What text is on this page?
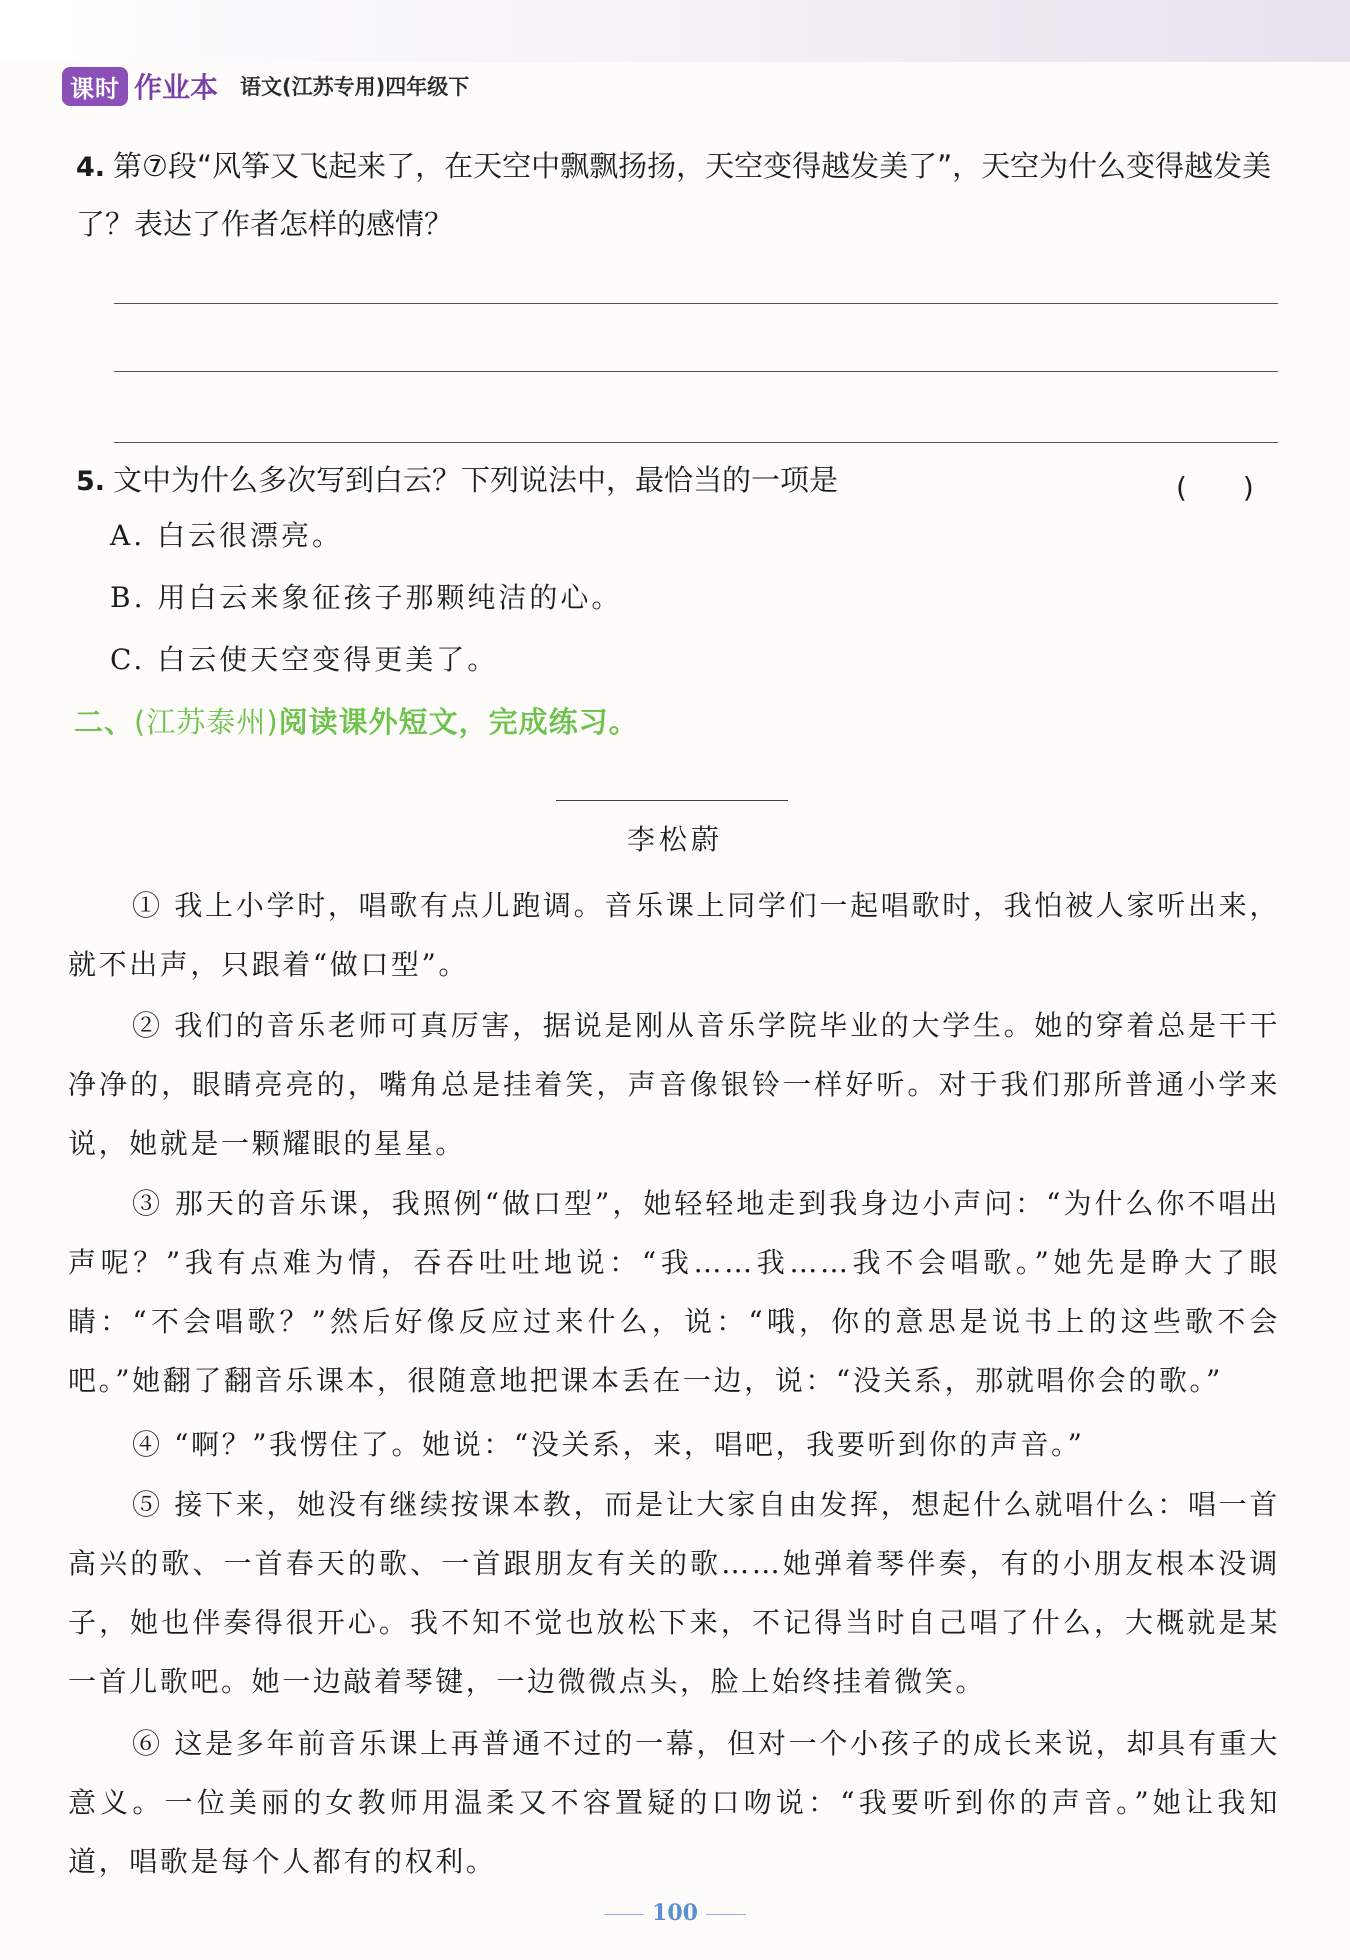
课时 作业本 语文(江苏专用)四年级下
4. 第⑦段“风筝又飞起来了，在天空中飘飘扬扬，天空变得越发美了”，天空为什么变得越发美了？表达了作者怎样的感情？
5. 文中为什么多次写到白云？下列说法中，最恰当的一项是	(　　)
A. 白云很漂亮。
B. 用白云来象征孩子那颗纯洁的心。
C. 白云使天空变得更美了。
二、(江苏泰州)阅读课外短文，完成练习。
李松蔚
① 我上小学时，唱歌有点儿跑调。音乐课上同学们一起唱歌时，我怕被人家听出来，就不出声，只跟着“做口型”。
② 我们的音乐老师可真厉害，据说是刚从音乐学院毕业的大学生。她的穿着总是干干净净的，眼睛亮亮的，嘴角总是挂着笑，声音像银铃一样好听。对于我们那所普通小学来说，她就是一颗耀眼的星星。
③ 那天的音乐课，我照例“做口型”，她轻轻地走到我身边小声问：“为什么你不唱出声呢？”我有点难为情，吞吞吐吐地说：“我……我……我不会唱歌。”她先是睁大了眼睛：“不会唱歌？”然后好像反应过来什么，说：“哦，你的意思是说书上的这些歌不会吧。”她翻了翻音乐课本，很随意地把课本丢在一边，说：“没关系，那就唱你会的歌。”
④ “啊？”我愣住了。她说：“没关系，来，唱吧，我要听到你的声音。”
⑤ 接下来，她没有继续按课本教，而是让大家自由发挥，想起什么就唱什么：唱一首高兴的歌、一首春天的歌、一首跟朋友有关的歌……她弹着琴伴奏，有的小朋友根本没调子，她也伴奏得很开心。我不知不觉也放松下来，不记得当时自己唱了什么，大概就是某一首儿歌吧。她一边敲着琴键，一边微微点头，脸上始终挂着微笑。
⑥ 这是多年前音乐课上再普通不过的一幕，但对一个小孩子的成长来说，却具有重大意义。一位美丽的女教师用温柔又不容置疑的口吻说：“我要听到你的声音。”她让我知道，唱歌是每个人都有的权利。
100
